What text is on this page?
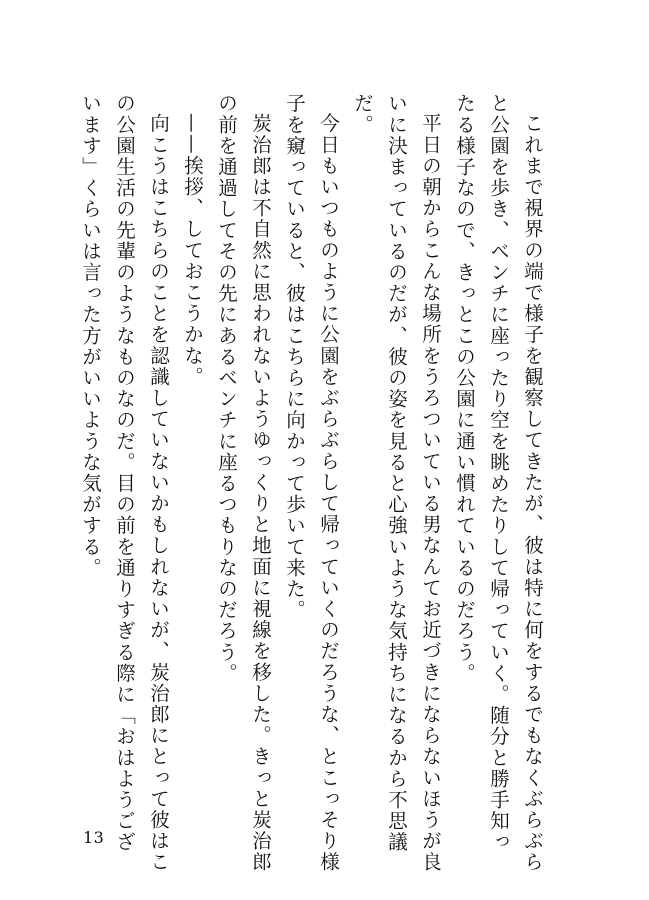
これまで視界の端で様子を観察してきたが、彼は特に何をするでもなくぶらぶらと公園を歩き、ベンチに座ったり空を眺めたりして帰っていく。随分と勝手知ったる様子なので、きっとこの公園に通い慣れているのだろう。

平日の朝からこんな場所をうろついている男なんてお近づきにならないほうが良いに決まっているのだが、彼の姿を見ると心強いような気持ちになるから不思議だ。

今日もいつものように公園をぶらぶらして帰っていくのだろうな、とこっそり様子を窺っていると、彼はこちらに向かって歩いて来た。

炭治郎は不自然に思われないようゆっくりと地面に視線を移した。きっと炭治郎の前を通過してその先にあるベンチに座るつもりなのだろう。

——挨拶、しておこうかな。

向こうはこちらのことを認識していないかもしれないが、炭治郎にとって彼はこの公園生活の先輩のようなものなのだ。目の前を通りすぎる際に「おはようございます」くらいは言った方がいいような気がする。

13
